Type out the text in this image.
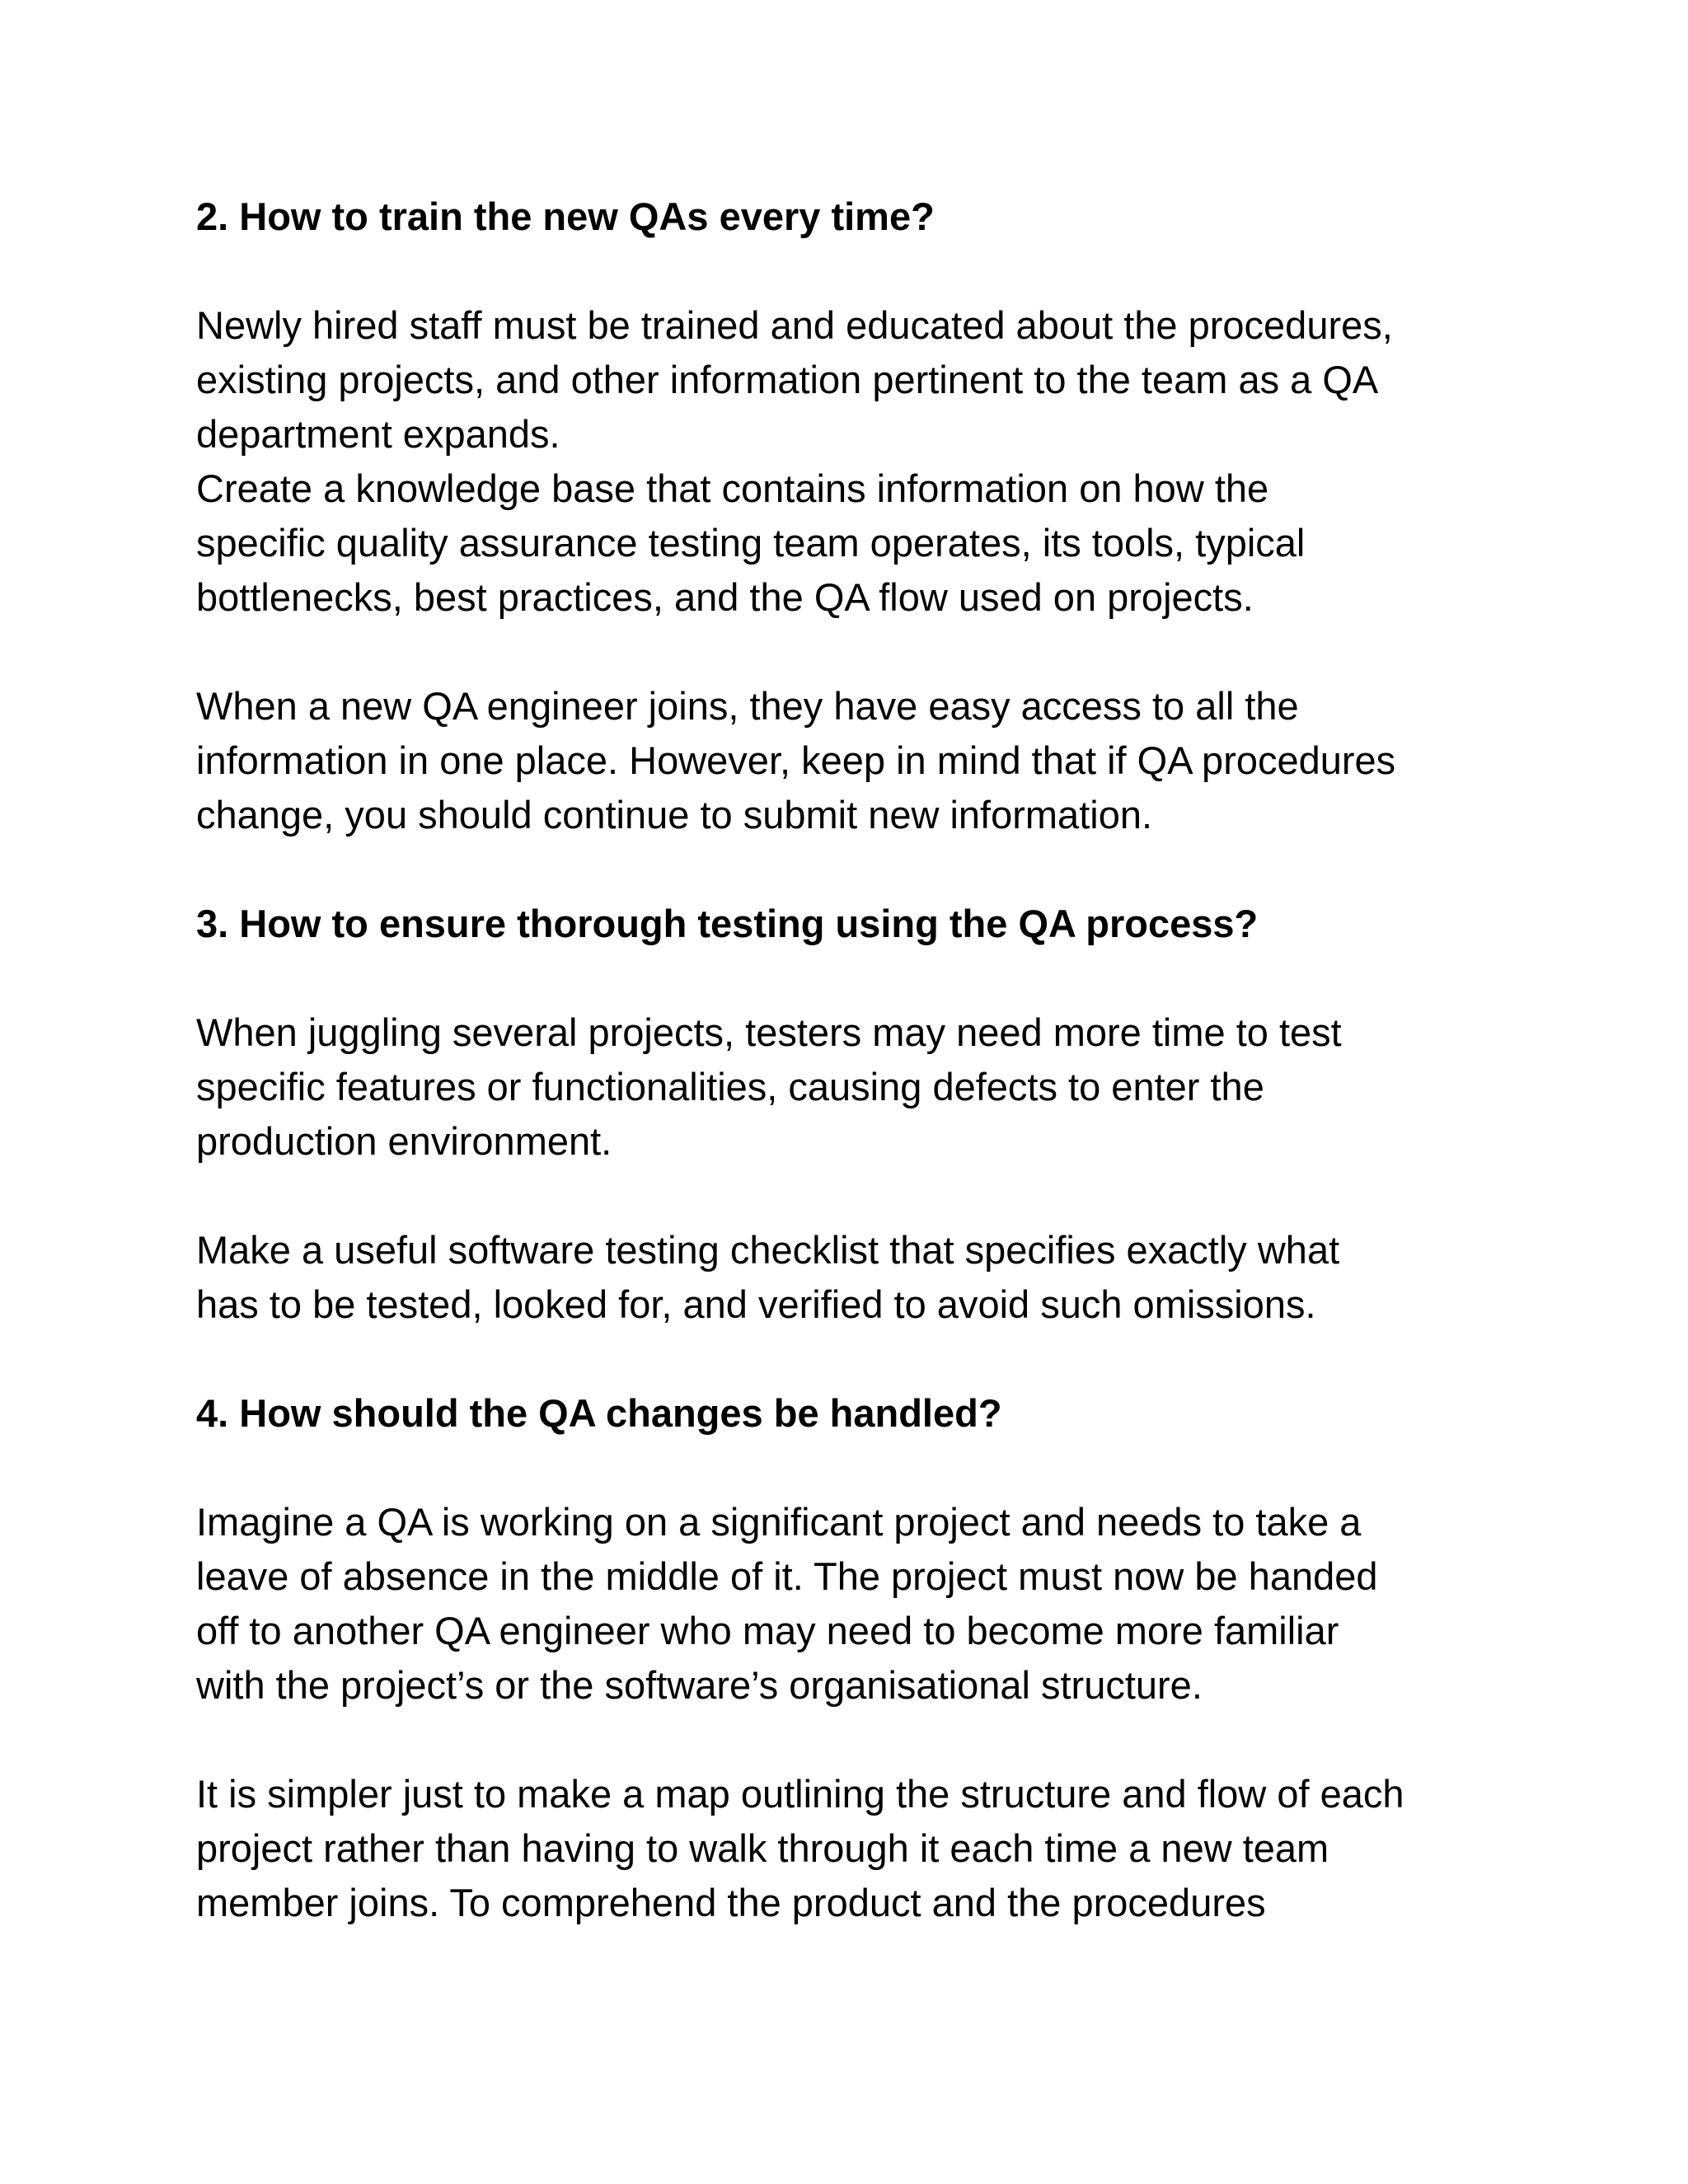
2. How to train the new QAs every time?
Newly hired staff must be trained and educated about the procedures,
existing projects, and other information pertinent to the team as a QA
department expands.
Create a knowledge base that contains information on how the
specific quality assurance testing team operates, its tools, typical
bottlenecks, best practices, and the QA flow used on projects.
When a new QA engineer joins, they have easy access to all the
information in one place. However, keep in mind that if QA procedures
change, you should continue to submit new information.
3. How to ensure thorough testing using the QA process?
When juggling several projects, testers may need more time to test
specific features or functionalities, causing defects to enter the
production environment.
Make a useful software testing checklist that specifies exactly what
has to be tested, looked for, and verified to avoid such omissions.
4. How should the QA changes be handled?
Imagine a QA is working on a significant project and needs to take a
leave of absence in the middle of it. The project must now be handed
off to another QA engineer who may need to become more familiar
with the project’s or the software’s organisational structure.
It is simpler just to make a map outlining the structure and flow of each
project rather than having to walk through it each time a new team
member joins. To comprehend the product and the procedures
